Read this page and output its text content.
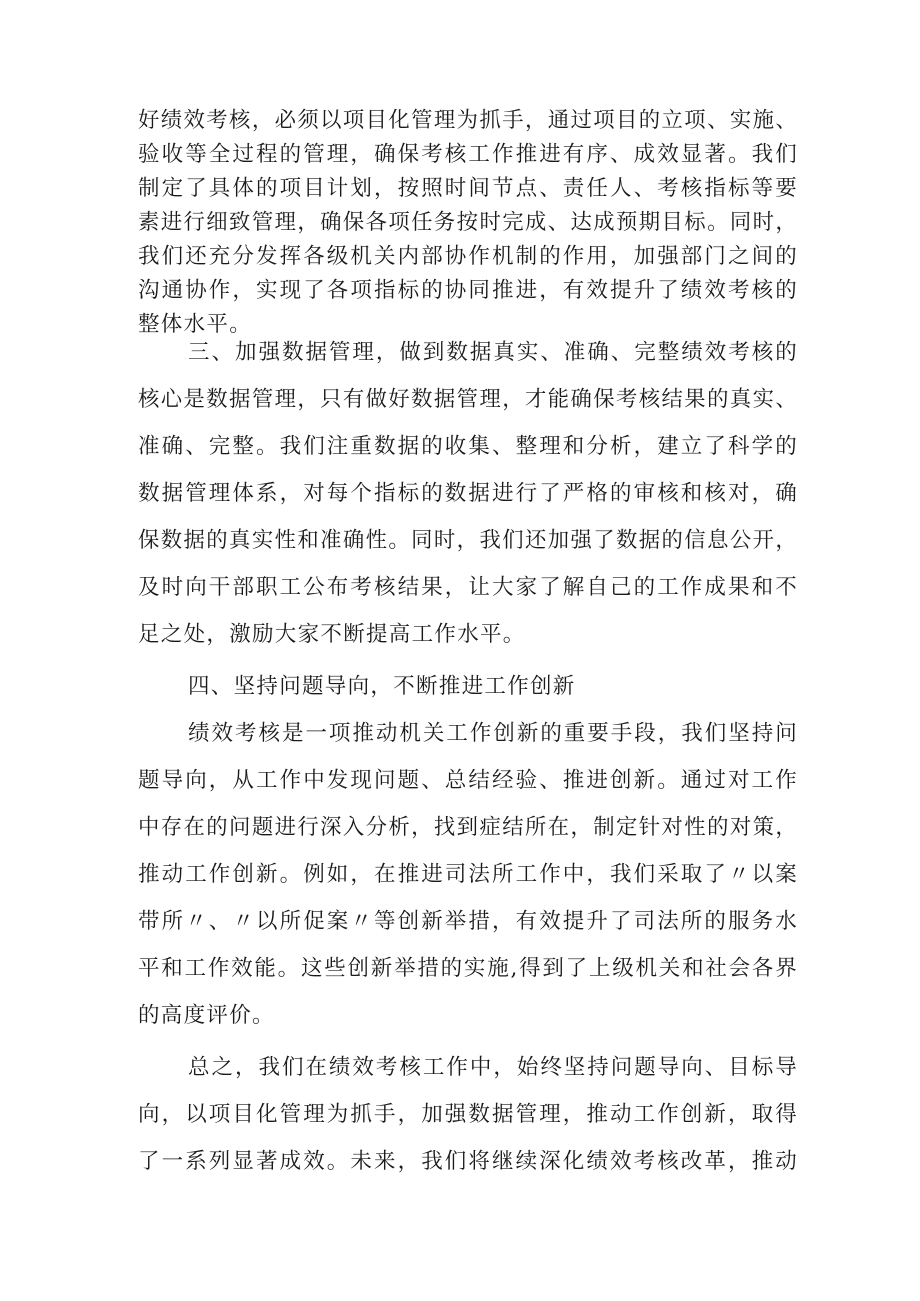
好绩效考核，必须以项目化管理为抓手，通过项目的立项、实施、
验收等全过程的管理，确保考核工作推进有序、成效显著。我们
制定了具体的项目计划，按照时间节点、责任人、考核指标等要
素进行细致管理，确保各项任务按时完成、达成预期目标。同时，
我们还充分发挥各级机关内部协作机制的作用，加强部门之间的
沟通协作，实现了各项指标的协同推进，有效提升了绩效考核的
整体水平。
三、加强数据管理，做到数据真实、准确、完整绩效考核的
核心是数据管理，只有做好数据管理，才能确保考核结果的真实、
准确、完整。我们注重数据的收集、整理和分析，建立了科学的
数据管理体系，对每个指标的数据进行了严格的审核和核对，确
保数据的真实性和准确性。同时，我们还加强了数据的信息公开，
及时向干部职工公布考核结果，让大家了解自己的工作成果和不
足之处，激励大家不断提高工作水平。
四、坚持问题导向，不断推进工作创新
绩效考核是一项推动机关工作创新的重要手段，我们坚持问
题导向，从工作中发现问题、总结经验、推进创新。通过对工作
中存在的问题进行深入分析，找到症结所在，制定针对性的对策，
推动工作创新。例如，在推进司法所工作中，我们采取了〃以案
带所〃、〃以所促案〃等创新举措，有效提升了司法所的服务水
平和工作效能。这些创新举措的实施,得到了上级机关和社会各界
的高度评价。
总之，我们在绩效考核工作中，始终坚持问题导向、目标导
向，以项目化管理为抓手，加强数据管理，推动工作创新，取得
了一系列显著成效。未来，我们将继续深化绩效考核改革，推动
